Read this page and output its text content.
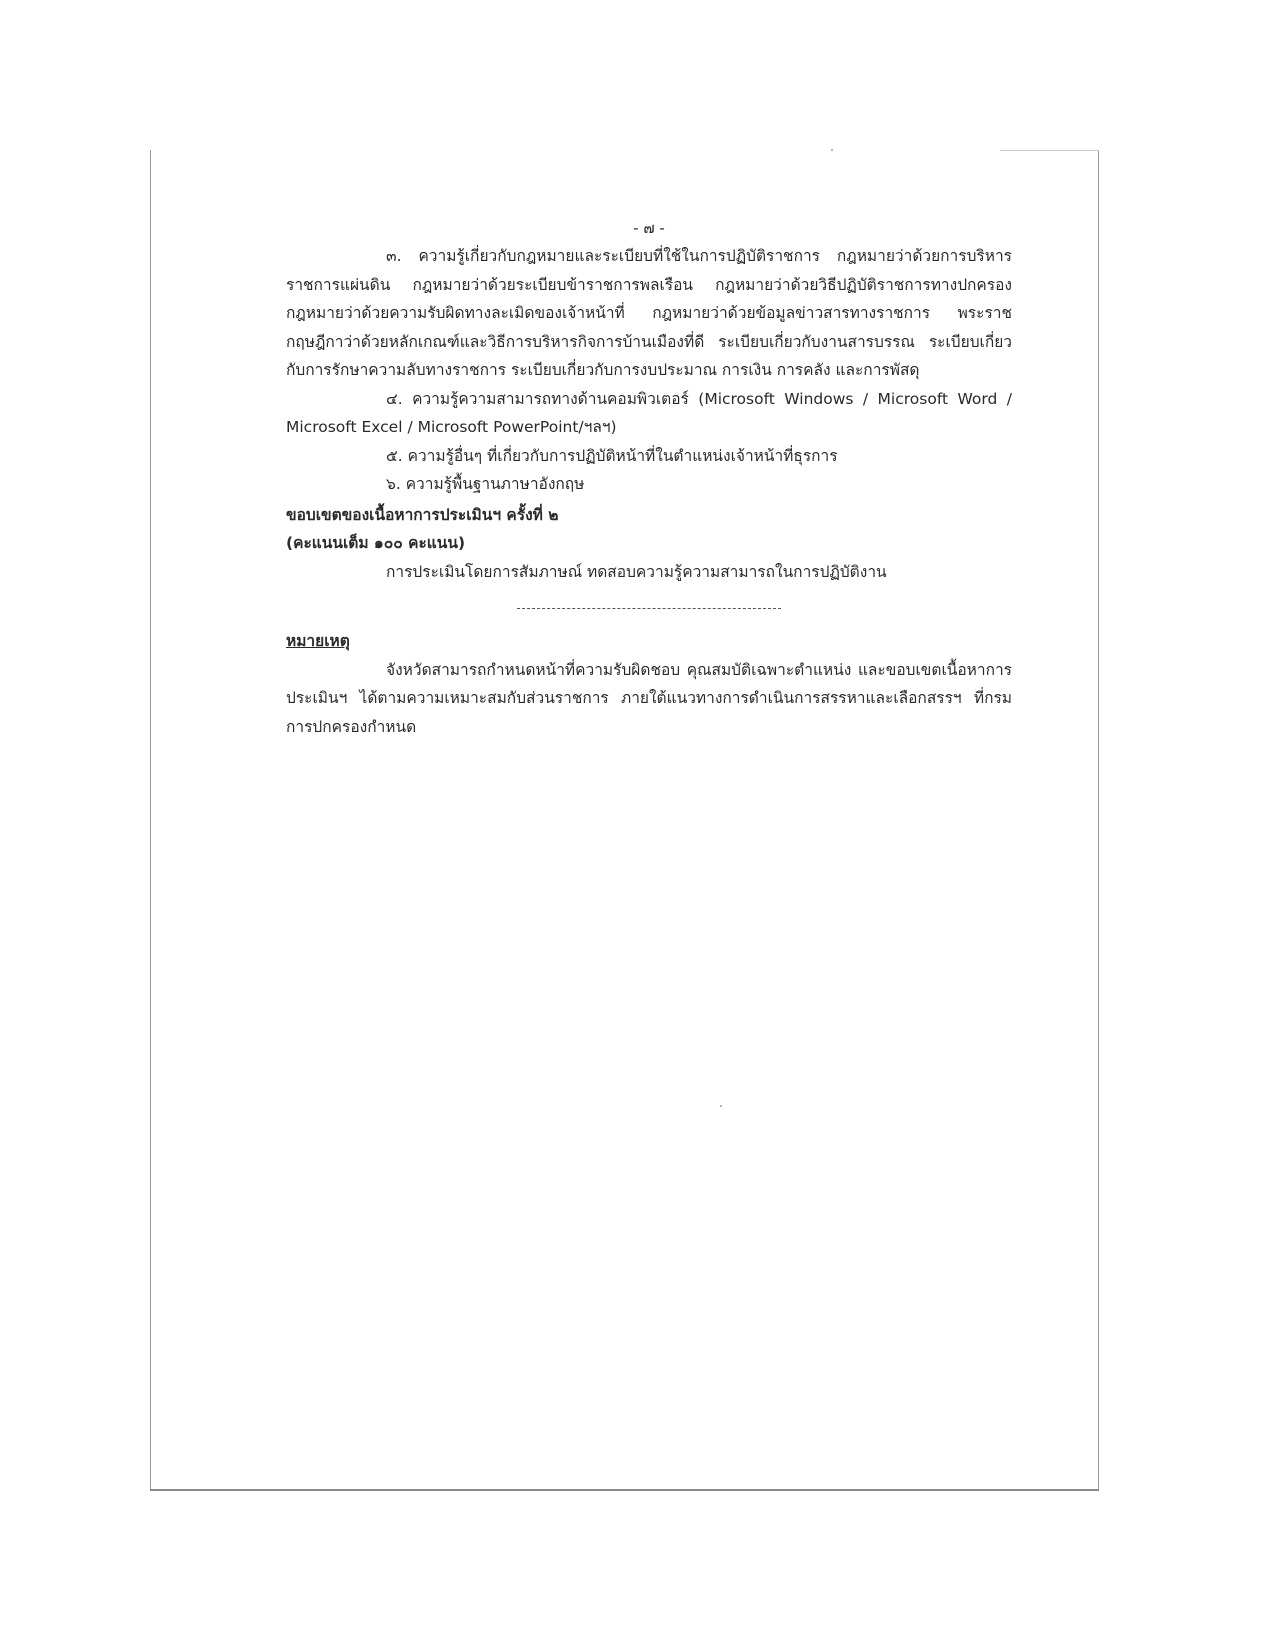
- ๗ -

๓. ความรู้เกี่ยวกับกฎหมายและระเบียบที่ใช้ในการปฏิบัติราชการ กฎหมายว่าด้วยการบริหารราชการแผ่นดิน กฎหมายว่าด้วยระเบียบข้าราชการพลเรือน กฎหมายว่าด้วยวิธีปฏิบัติราชการทางปกครอง กฎหมายว่าด้วยความรับผิดทางละเมิดของเจ้าหน้าที่ กฎหมายว่าด้วยข้อมูลข่าวสารทางราชการ พระราชกฤษฎีกาว่าด้วยหลักเกณฑ์และวิธีการบริหารกิจการบ้านเมืองที่ดี ระเบียบเกี่ยวกับงานสารบรรณ ระเบียบเกี่ยวกับการรักษาความลับทางราชการ ระเบียบเกี่ยวกับการงบประมาณ การเงิน การคลัง และการพัสดุ

๔. ความรู้ความสามารถทางด้านคอมพิวเตอร์ (Microsoft Windows / Microsoft Word / Microsoft Excel / Microsoft PowerPoint/ฯลฯ)

๕. ความรู้อื่นๆ ที่เกี่ยวกับการปฏิบัติหน้าที่ในตำแหน่งเจ้าหน้าที่ธุรการ

๖. ความรู้พื้นฐานภาษาอังกฤษ

ขอบเขตของเนื้อหาการประเมินฯ ครั้งที่ ๒

(คะแนนเต็ม ๑๐๐ คะแนน)

การประเมินโดยการสัมภาษณ์ ทดสอบความรู้ความสามารถในการปฏิบัติงาน

หมายเหตุ

จังหวัดสามารถกำหนดหน้าที่ความรับผิดชอบ คุณสมบัติเฉพาะตำแหน่ง และขอบเขตเนื้อหาการประเมินฯ ได้ตามความเหมาะสมกับส่วนราชการ ภายใต้แนวทางการดำเนินการสรรหาและเลือกสรรฯ ที่กรมการปกครองกำหนด
